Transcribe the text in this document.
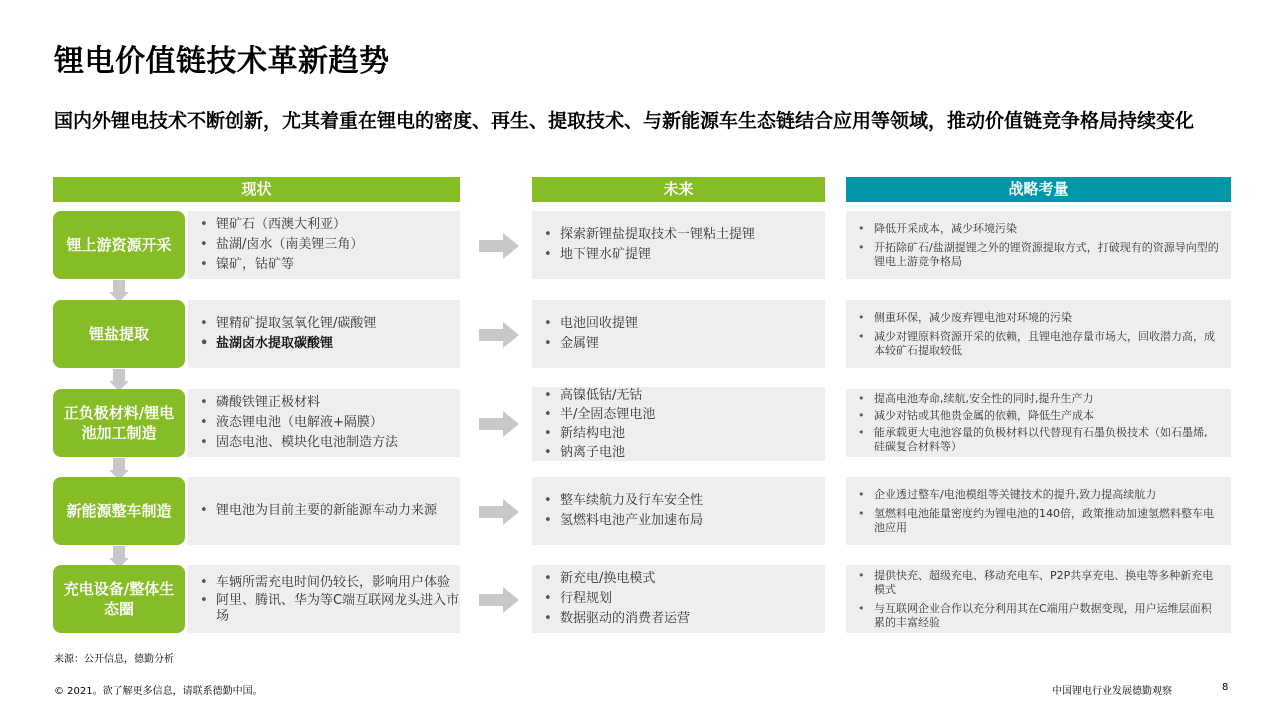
锂电价值链技术革新趋势
国内外锂电技术不断创新，尤其着重在锂电的密度、再生、提取技术、与新能源车生态链结合应用等领域，推动价值链竞争格局持续变化
现状	未来	战略考量
锂上游资源开采
• 锂矿石（西澳大利亚）
• 盐湖/卤水（南美锂三角）
• 镍矿，钴矿等
• 探索新锂盐提取技术一锂粘土提锂
• 地下锂水矿提锂
• 降低开采成本，减少环境污染
• 开拓除矿石/盐湖提锂之外的锂资源提取方式，打破现有的资源导向型的锂电上游竞争格局
锂盐提取
• 锂精矿提取氢氧化锂/碳酸锂
• 盐湖卤水提取碳酸锂
• 电池回收提锂
• 金属锂
• 侧重环保，减少废弃锂电池对环境的污染
• 减少对锂原料资源开采的依赖，且锂电池存量市场大，回收潜力高，成本较矿石提取较低
正负极材料/锂电池加工制造
• 磷酸铁锂正极材料
• 液态锂电池（电解液+隔膜）
• 固态电池、模块化电池制造方法
• 高镍低钴/无钴
• 半/全固态锂电池
• 新结构电池
• 钠离子电池
• 提高电池寿命,续航,安全性的同时,提升生产力
• 减少对钴或其他贵金属的依赖，降低生产成本
• 能承载更大电池容量的负极材料以代替现有石墨负极技术（如石墨烯, 硅碳复合材料等）
新能源整车制造
•	锂电池为目前主要的新能源车动力来源
• 整车续航力及行车安全性
• 氢燃料电池产业加速布局
• 企业透过整车/电池模组等关键技术的提升,致力提高续航力
• 氢燃料电池能量密度约为锂电池的140倍，政策推动加速氢燃料整车电池应用
充电设备/整体生态圈
• 车辆所需充电时间仍较长，影响用户体验
• 阿里、腾讯、华为等C端互联网龙头进入市场
• 新充电/换电模式
• 行程规划
• 数据驱动的消费者运营
• 提供快充、超级充电、移动充电车、P2P共享充电、换电等多种新充电模式
• 与互联网企业合作以充分利用其在C端用户数据变现，用户运维层面积累的丰富经验
来源：公开信息，德勤分析
© 2021。欲了解更多信息，请联系德勤中国。	中国锂电行业发展德勤观察	8
